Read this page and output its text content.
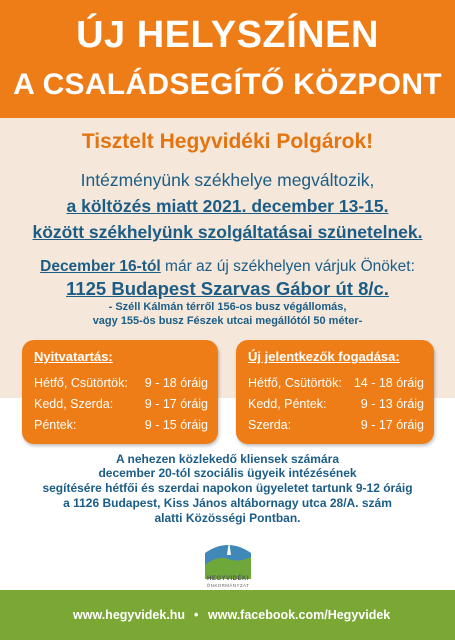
ÚJ HELYSZÍNEN
A CSALÁDSEGÍTŐ KÖZPONT
Tisztelt Hegyvidéki Polgárok!
Intézményünk székhelye megváltozik,
a költözés miatt 2021. december 13-15.
között székhelyünk szolgáltatásai szünetelnek.
December 16-tól már az új székhelyen várjuk Önöket:
1125 Budapest Szarvas Gábor út 8/c.
- Széll Kálmán térről 156-os busz végállomás,
vagy 155-ös busz Fészek utcai megállótól 50 méter-
Nyitvatartás:
Hétfő, Csütörtök: 9 - 18 óráig
Kedd, Szerda:	9 - 17 óráig
Péntek:	9 - 15 óráig
Új jelentkezők fogadása:
Hétfő, Csütörtök: 14 - 18 óráig
Kedd, Péntek:	9 - 13 óráig
Szerda:	9 - 17 óráig
A nehezen közlekedő kliensek számára
december 20-tól szociális ügyeik intézésének
segítésére hétfői és szerdai napokon ügyeletet tartunk 9-12 óráig
a 1126 Budapest, Kiss János altábornagy utca 28/A. szám
alatti Közösségi Pontban.
HEGYVIDÉKI
ÖNKORMÁNYZAT
www.hegyvidek.hu • www.facebook.com/Hegyvidek
